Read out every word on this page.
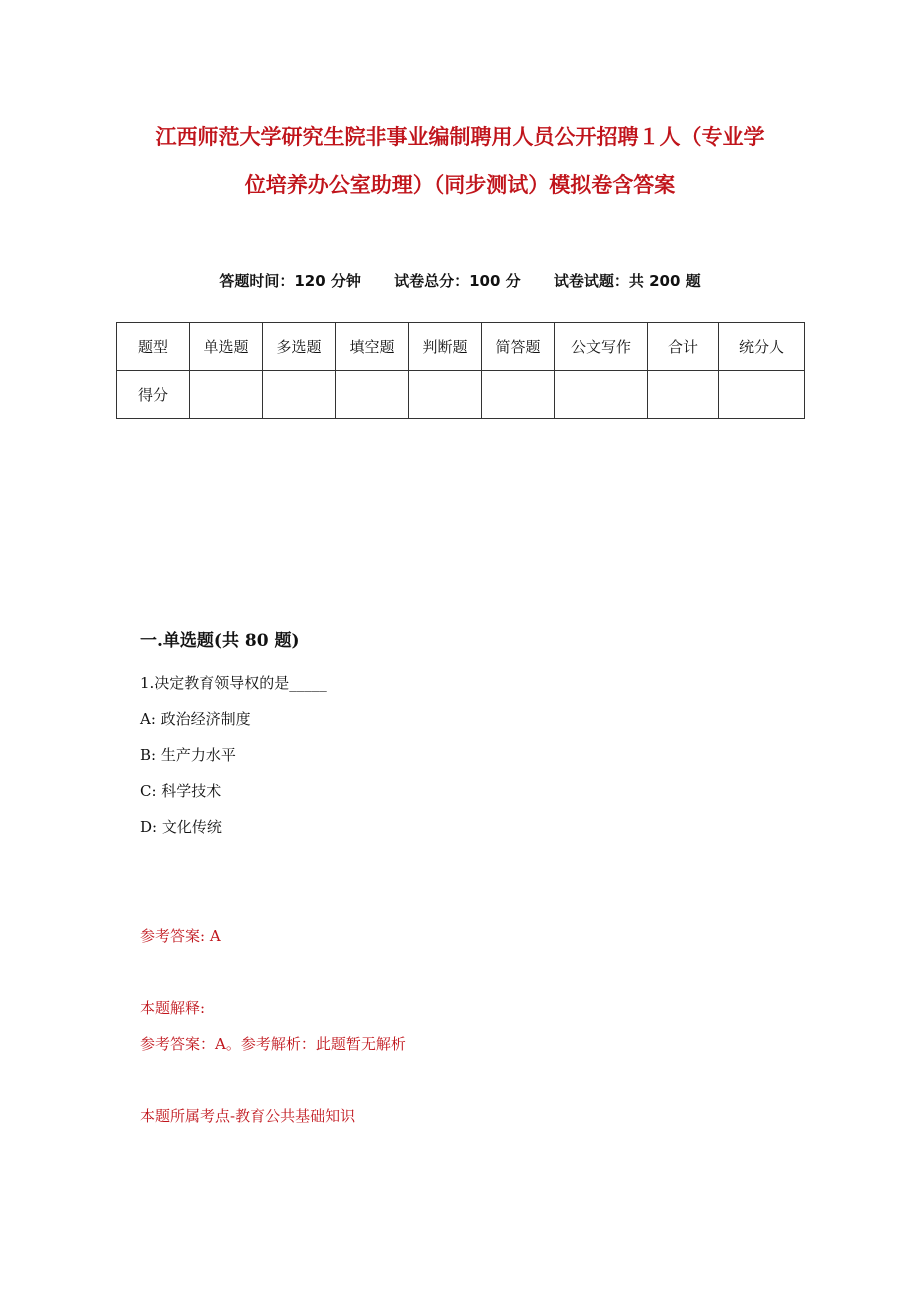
江西师范大学研究生院非事业编制聘用人员公开招聘１人（专业学
位培养办公室助理）（同步测试）模拟卷含答案
答题时间：120 分钟 试卷总分：100 分 试卷试题：共 200 题
题型	单选题	多选题	填空题	判断题	简答题	公文写作	合计	统分人
得分								
一.单选题(共 80 题)
1.决定教育领导权的是_____
A: 政治经济制度
B: 生产力水平
C: 科学技术
D: 文化传统
参考答案: A
本题解释:
参考答案：A。参考解析：此题暂无解析
本题所属考点-教育公共基础知识
